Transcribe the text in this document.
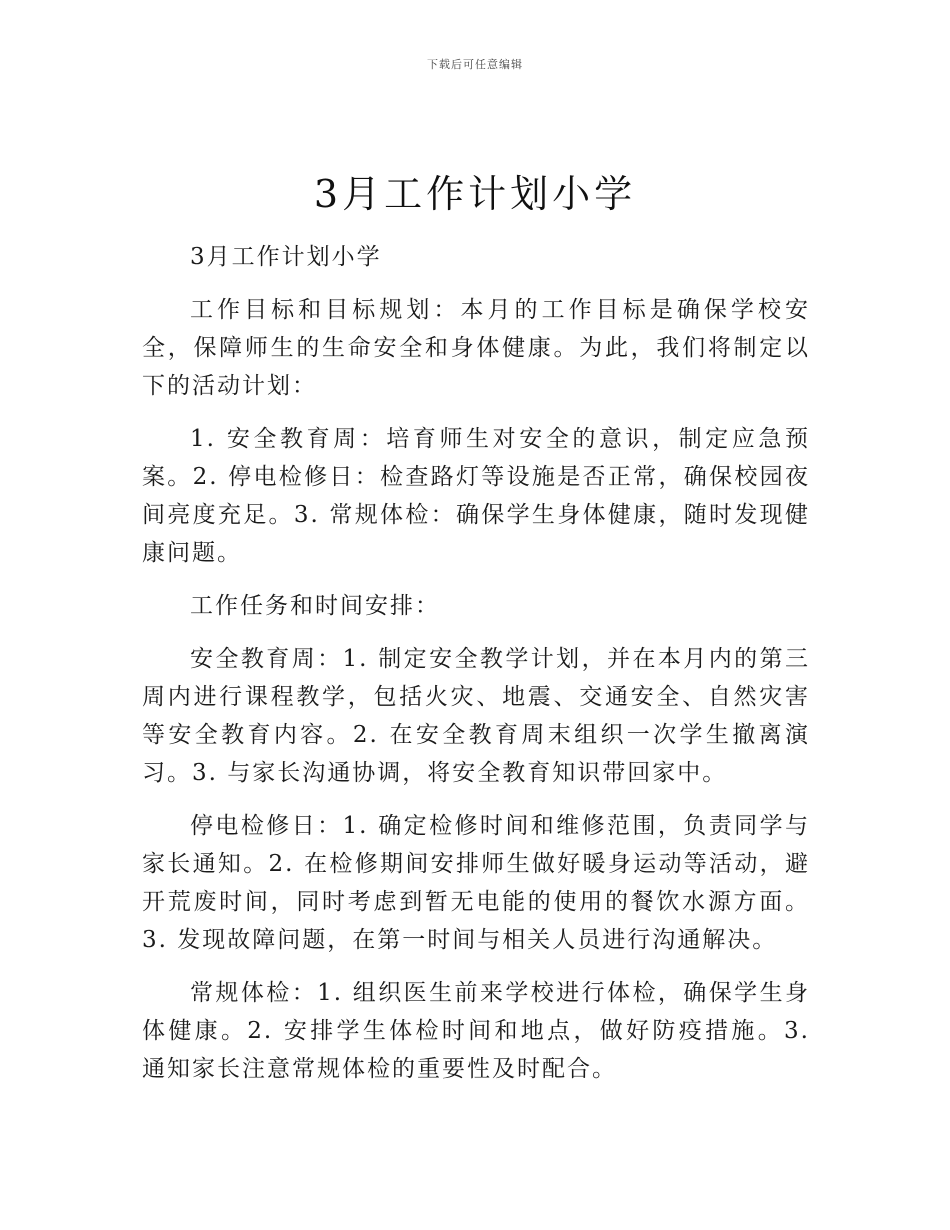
下载后可任意编辑
3月工作计划小学

3月工作计划小学

工作目标和目标规划：本月的工作目标是确保学校安全，保障师生的生命安全和身体健康。为此，我们将制定以下的活动计划：

1. 安全教育周：培育师生对安全的意识，制定应急预案。2. 停电检修日：检查路灯等设施是否正常，确保校园夜间亮度充足。3. 常规体检：确保学生身体健康，随时发现健康问题。

工作任务和时间安排：

安全教育周：1. 制定安全教学计划，并在本月内的第三周内进行课程教学，包括火灾、地震、交通安全、自然灾害等安全教育内容。2. 在安全教育周末组织一次学生撤离演习。3. 与家长沟通协调，将安全教育知识带回家中。

停电检修日：1. 确定检修时间和维修范围，负责同学与家长通知。2. 在检修期间安排师生做好暖身运动等活动，避开荒废时间，同时考虑到暂无电能的使用的餐饮水源方面。3. 发现故障问题，在第一时间与相关人员进行沟通解决。

常规体检：1. 组织医生前来学校进行体检，确保学生身体健康。2. 安排学生体检时间和地点，做好防疫措施。3. 通知家长注意常规体检的重要性及时配合。
